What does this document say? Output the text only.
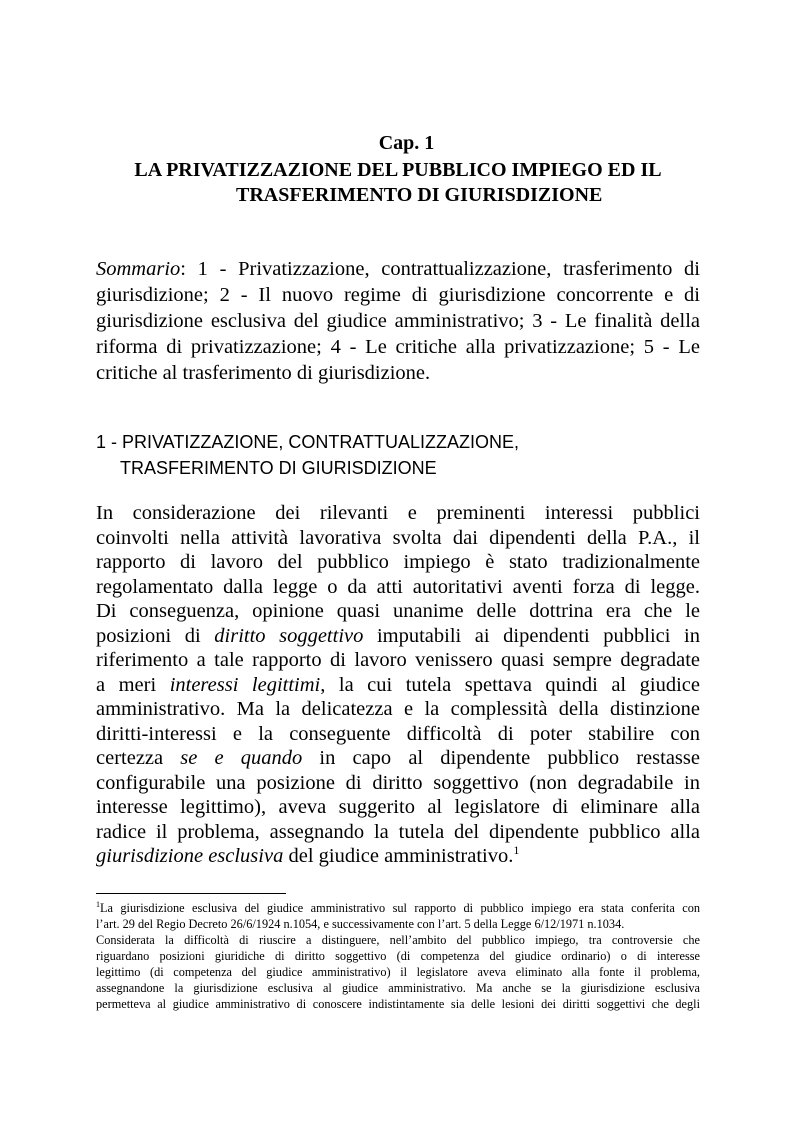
Cap. 1
LA PRIVATIZZAZIONE DEL PUBBLICO IMPIEGO ED IL
TRASFERIMENTO DI GIURISDIZIONE
Sommario: 1 - Privatizzazione, contrattualizzazione, trasferimento di giurisdizione; 2 - Il nuovo regime di giurisdizione concorrente e di giurisdizione esclusiva del giudice amministrativo; 3 - Le finalità della riforma di privatizzazione; 4 - Le critiche alla privatizzazione; 5 - Le critiche al trasferimento di giurisdizione.
1 - PRIVATIZZAZIONE, CONTRATTUALIZZAZIONE,
TRASFERIMENTO DI GIURISDIZIONE
In considerazione dei rilevanti e preminenti interessi pubblici
coinvolti nella attività lavorativa svolta dai dipendenti della P.A., il
rapporto di lavoro del pubblico impiego è stato tradizionalmente
regolamentato dalla legge o da atti autoritativi aventi forza di legge.
Di conseguenza, opinione quasi unanime delle dottrina era che le
posizioni di diritto soggettivo imputabili ai dipendenti pubblici in
riferimento a tale rapporto di lavoro venissero quasi sempre degradate
a meri interessi legittimi, la cui tutela spettava quindi al giudice
amministrativo. Ma la delicatezza e la complessità della distinzione
diritti-interessi e la conseguente difficoltà di poter stabilire con
certezza se e quando in capo al dipendente pubblico restasse
configurabile una posizione di diritto soggettivo (non degradabile in
interesse legittimo), aveva suggerito al legislatore di eliminare alla
radice il problema, assegnando la tutela del dipendente pubblico alla
giurisdizione esclusiva del giudice amministrativo.$^1$
$^1$La giurisdizione esclusiva del giudice amministrativo sul rapporto di pubblico impiego era stata conferita con
l’art. 29 del Regio Decreto 26/6/1924 n.1054, e successivamente con l’art. 5 della Legge 6/12/1971 n.1034.
Considerata la difficoltà di riuscire a distinguere, nell’ambito del pubblico impiego, tra controversie che
riguardano posizioni giuridiche di diritto soggettivo (di competenza del giudice ordinario) o di interesse
legittimo (di competenza del giudice amministrativo) il legislatore aveva eliminato alla fonte il problema,
assegnandone la giurisdizione esclusiva al giudice amministrativo. Ma anche se la giurisdizione esclusiva
permetteva al giudice amministrativo di conoscere indistintamente sia delle lesioni dei diritti soggettivi che degli
